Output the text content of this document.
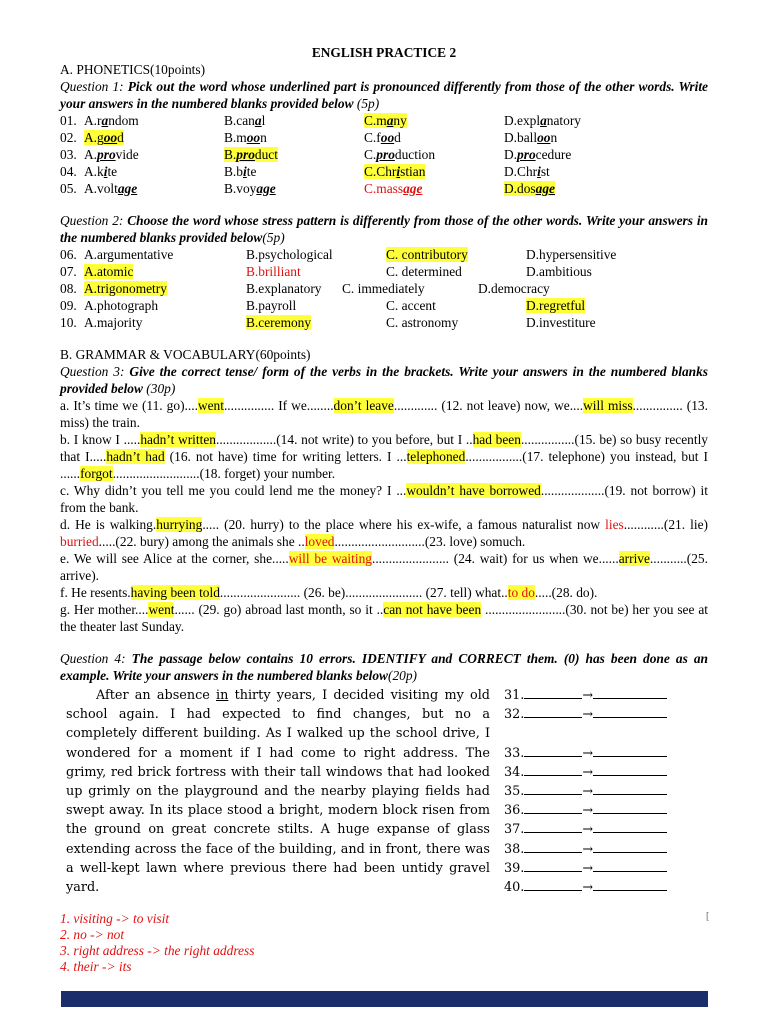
ENGLISH PRACTICE 2
A. PHONETICS(10points)
Question 1: Pick out the word whose underlined part is pronounced differently from those of the other words. Write your answers in the numbered blanks provided below (5p)
01.A.random	B.canal	C.many	D.explanatory
02.A.good	B.moon	C.food	D.balloon
03.A.provide	B.product	C.production	D.procedure
04.A.kite	B.bite	C.Christian	D.Christ
05.A.voltage	B.voyage	C.massage	D.dosage
Question 2: Choose the word whose stress pattern is differently from those of the other words. Write your answers in the numbered blanks provided below(5p)
06.A.argumentative	B.psychological	C. contributory	D.hypersensitive
07.A.atomic	B.brilliant	C. determined	D.ambitious
08.A.trigonometry	B.explanatory C. immediately	D.democracy
09.A.photograph	B.payroll	C. accent	D.regretful
10.A.majority	B.ceremony	C. astronomy	D.investiture
B. GRAMMAR & VOCABULARY(60points)
Question 3: Give the correct tense/ form of the verbs in the brackets. Write your answers in the numbered blanks provided below (30p)
a. It’s time we (11. go)....went............... If we........don’t leave............. (12. not leave) now, we....will miss............... (13. miss) the train.
b. I know I .....hadn’t written..................(14. not write) to you before, but I ..had been................(15. be) so busy recently that I.....hadn’t had (16. not have) time for writing letters. I ...telephoned.................(17. telephone) you instead, but I ......forgot..........................(18. forget) your number.
c. Why didn’t you tell me you could lend me the money? I ...wouldn’t have borrowed...................(19. not borrow) it from the bank.
d. He is walking.hurrying..... (20. hurry) to the place where his ex-wife, a famous naturalist now lies............(21. lie) burried.....(22. bury) among the animals she ..loved...........................(23. love) somuch.
e. We will see Alice at the corner, she.....will be waiting....................... (24. wait) for us when we......arrive...........(25. arrive).
f. He resents.having been told........................ (26. be)....................... (27. tell) what..to do.....(28. do).
g. Her mother....went...... (29. go) abroad last month, so it ..can not have been ........................(30. not be) her you see at the theater last Sunday.
Question 4: The passage below contains 10 errors. IDENTIFY and CORRECT them. (0) has been done as an example. Write your answers in the numbered blanks below(20p)
After an absence in thirty years, I decided visiting my old school again. I had expected to find changes, but no a completely different building. As I walked up the school drive, I wondered for a moment if I had come to right address. The grimy, red brick fortress with their tall windows that had looked up grimly on the playground and the nearby playing fields had swept away. In its place stood a bright, modern block risen from the ground on great concrete stilts. A huge expanse of glass extending across the face of the building, and in front, there was a well-kept lawn where previous there had been untidy gravel yard.
31.	→
32.	→

33.	→
34.	→
35.	→
36.	→
37.	→
38.	→
39.	→
40.	→
1. visiting -> to visit
2. no -> not
3. right address -> the right address
4. their -> its
[
